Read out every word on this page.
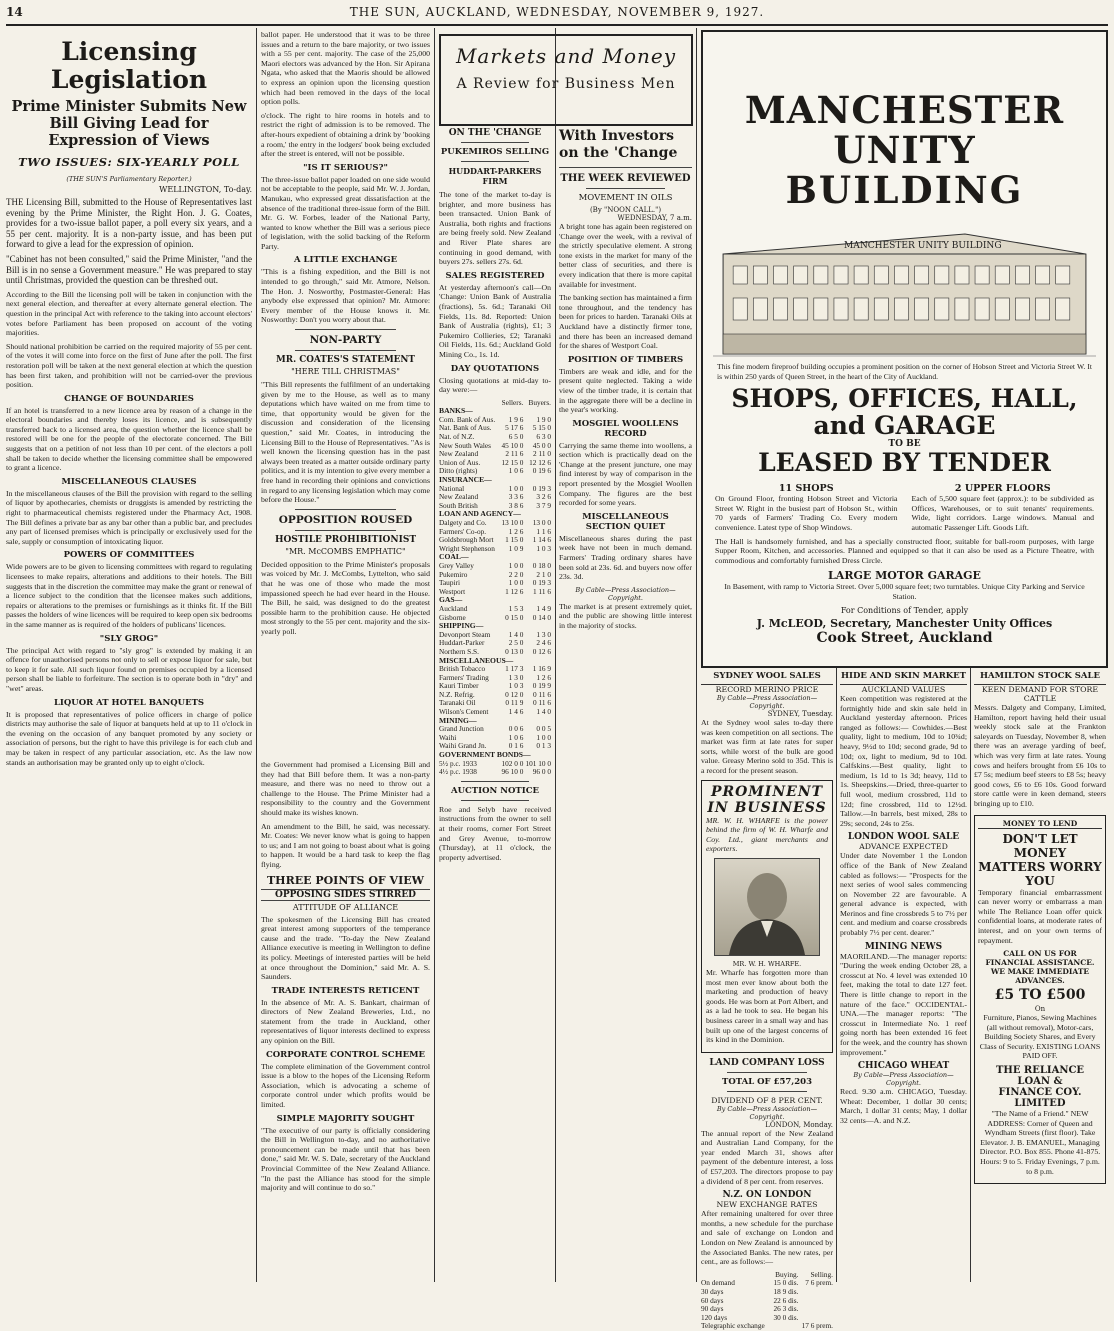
14	THE SUN, AUCKLAND, WEDNESDAY, NOVEMBER 9, 1927.
Licensing Legislation
Prime Minister Submits New Bill Giving Lead for Expression of Views
TWO ISSUES: SIX-YEARLY POLL
(THE SUN'S Parliamentary Reporter.)
WELLINGTON, To-day.

THE Licensing Bill, submitted to the House of Representatives last evening by the Prime Minister, the Right Hon. J. G. Coates, provides for a two-issue ballot paper, a poll every six years, and a 55 per cent. majority. It is a non-party issue, and has been put forward to give a lead for the expression of opinion.

"Cabinet has not been consulted," said the Prime Minister, "and the Bill is in no sense a Government measure." He was prepared to stay until Christmas, provided the question can be threshed out.

According to the Bill the licensing poll will be taken in conjunction with the next general election, and thereafter at every alternate general election. The question in the principal Act with reference to the taking into account electors' votes before Parliament has been proposed on account of the voting majorities.

Should national prohibition be carried on the required majority of 55 per cent. of the votes it will come into force on the first of June after the poll. The first restoration poll will be taken at the next general election at which the question has been first taken, and prohibition will not be carried-over the previous position.

CHANGE OF BOUNDARIES

If an hotel is transferred to a new licence area by reason of a change in the electoral boundaries and thereby loses its licence, and is subsequently transferred back to a licensed area, the question whether the licence shall be restored will be one for the people of the electorate concerned. The Bill suggests that on a petition of not less than 10 per cent. of the electors a poll shall be taken to decide whether the licensing committee shall be empowered to grant a licence.

MISCELLANEOUS CLAUSES

In the miscellaneous clauses of the Bill the provision with regard to the selling of liquor by apothecaries, chemists or druggists is amended by restricting the right to pharmaceutical chemists registered under the Pharmacy Act, 1908. The Bill defines a private bar as any bar other than a public bar, and precludes any part of licensed premises which is principally or exclusively used for the sale, supply or consumption of intoxicating liquor.

POWERS OF COMMITTEES

Wide powers are to be given to licensing committees with regard to regulating licensees to make repairs, alterations and additions to their hotels. The Bill suggests that in the discretion the committee may make the grant or renewal of a licence subject to the condition that the licensee makes such additions, repairs or alterations to the premises or furnishings as it thinks fit. If the Bill passes the holders of wine licences will be required to keep open six bedrooms in the same manner as is required of the holders of publicans' licences.

"SLY GROG"

The principal Act with regard to "sly grog" is extended by making it an offence for unauthorised persons not only to sell or expose liquor for sale, but to keep it for sale. All such liquor found on premises occupied by a licensed person shall be liable to forfeiture. The section is to operate both in "dry" and "wet" areas.

LIQUOR AT HOTEL BANQUETS

It is proposed that representatives of police officers in charge of police districts may authorise the sale of liquor at banquets held at up to 11 o'clock in the evening on the occasion of any banquet promoted by any society or association of persons, but the right to have this privilege is for each club and may be taken in respect of any particular association, etc. As the law now stands an authorisation may be granted only up to eight o'clock.

ballot paper. He understood that it was to be three issues and a return to the bare majority, or two issues with a 55 per cent. majority. The case of the 25,000 Maori electors was advanced by the Hon. Sir Apirana Ngata, who asked that the Maoris should be allowed to express an opinion upon the licensing question which had been removed in the days of the local option polls.

o'clock. The right to hire rooms in hotels and to restrict the right of admission is to be removed. The after-hours expedient of obtaining a drink by 'booking a room,' the entry in the lodgers' book being excluded after the street is entered, will not be possible.

"IS IT SERIOUS?"

The three-issue ballot paper loaded on one side would not be acceptable to the people, said Mr. W. J. Jordan, Manukau, who expressed great dissatisfaction at the absence of the traditional three-issue form of the Bill. Mr. G. W. Forbes, leader of the National Party, wanted to know whether the Bill was a serious piece of legislation, with the solid backing of the Reform Party.

A LITTLE EXCHANGE

"This is a fishing expedition, and the Bill is not intended to go through," said Mr. Atmore, Nelson. The Hon. J. Nosworthy, Postmaster-General: Has anybody else expressed that opinion? Mr. Atmore: Every member of the House knows it. Mr. Nosworthy: Don't you worry about that.

NON-PARTY
MR. COATES'S STATEMENT
"HERE TILL CHRISTMAS"

"This Bill represents the fulfilment of an undertaking given by me to the House, as well as to many deputations which have waited on me from time to time, that opportunity would be given for the discussion and consideration of the licensing question," said Mr. Coates, in introducing the Licensing Bill to the House of Representatives. "As is well known the licensing question has in the past always been treated as a matter outside ordinary party politics, and it is my intention to give every member a free hand in recording their opinions and convictions in regard to any licensing legislation which may come before the House."

OPPOSITION ROUSED
HOSTILE PROHIBITIONIST
"MR. McCOMBS EMPHATIC"

Decided opposition to the Prime Minister's proposals was voiced by Mr. J. McCombs, Lyttelton, who said that he was one of those who made the most impassioned speech he had ever heard in the House. The Bill, he said, was designed to do the greatest possible harm to the prohibition cause. He objected most strongly to the 55 per cent. majority and the six-yearly poll.

Markets and Money
A Review for Business Men
ON THE 'CHANGE
PUKEMIROS SELLING
HUDDART-PARKERS FIRM

The tone of the market to-day is brighter, and more business has been transacted. Union Bank of Australia, both rights and fractions are being freely sold. New Zealand and River Plate shares are continuing in good demand, with buyers 27s. sellers 27s. 6d.

SALES REGISTERED

At yesterday afternoon's call—On 'Change: Union Bank of Australia (fractions), 5s. 6d.; Taranaki Oil Fields, 11s. 8d. Reported: Union Bank of Australia (rights), £1; 3 Pukemiro Collieries, £2; Taranaki Oil Fields, 11s. 6d.; Auckland Gold Mining Co., 1s. 1d.

DAY QUOTATIONS

Closing quotations at mid-day to-day were:—

	Sellers.	Buyers.
BANKS—		
Com. Bank of Aus.	1 9 6	1 9 0
Nat. Bank of Aus.	5 17 6	5 15 0
Nat. of N.Z.	6 5 0	6 3 0
New South Wales	45 10 0	45 0 0
New Zealand	2 11 6	2 11 0
Union of Aus.	12 15 0	12 12 6
Ditto (rights)	1 0 6	0 19 6
INSURANCE—		
National	1 0 0	0 19 3
New Zealand	3 3 6	3 2 6
South British	3 8 6	3 7 9
LOAN AND AGENCY—		
Dalgety and Co.	13 10 0	13 0 0
Farmers' Co-op.	1 2 6	1 1 6
Goldsbrough Mort	1 15 0	1 14 6
Wright Stephenson	1 0 9	1 0 3
COAL—		
Grey Valley	1 0 0	0 18 0
Pukemiro	2 2 0	2 1 0
Taupiri	1 0 0	0 19 3
Westport	1 12 6	1 11 6
GAS—		
Auckland	1 5 3	1 4 9
Gisborne	0 15 0	0 14 0
SHIPPING—		
Devonport Steam	1 4 0	1 3 0
Huddart-Parker	2 5 0	2 4 6
Northern S.S.	0 13 0	0 12 6
MISCELLANEOUS—		
British Tobacco	1 17 3	1 16 9
Farmers' Trading	1 3 0	1 2 6
Kauri Timber	1 0 3	0 19 9
N.Z. Refrig.	0 12 0	0 11 6
Taranaki Oil	0 11 9	0 11 6
Wilson's Cement	1 4 6	1 4 0
MINING—		
Grand Junction	0 0 6	0 0 5
Waihi	1 0 6	1 0 0
Waihi Grand Jn.	0 1 6	0 1 3
GOVERNMENT BONDS—		
5½ p.c. 1933	102 0 0	101 10 0
4½ p.c. 1938	96 10 0	96 0 0
AUCTION NOTICE

Roe and Selyb have received instructions from the owner to sell at their rooms, corner Fort Street and Grey Avenue, to-morrow (Thursday), at 11 o'clock, the property advertised.

With Investors on the 'Change
THE WEEK REVIEWED
MOVEMENT IN OILS
(By "NOON CALL.")
WEDNESDAY, 7 a.m.

A bright tone has again been registered on 'Change over the week, with a revival of the strictly speculative element. A strong tone exists in the market for many of the better class of securities, and there is every indication that there is more capital available for investment.

The banking section has maintained a firm tone throughout, and the tendency has been for prices to harden. Taranaki Oils at Auckland have a distinctly firmer tone, and there has been an increased demand for the shares of Westport Coal.

POSITION OF TIMBERS

Timbers are weak and idle, and for the present quite neglected. Taking a wide view of the timber trade, it is certain that in the aggregate there will be a decline in the year's working.

MOSGIEL WOOLLENS RECORD

Carrying the same theme into woollens, a section which is practically dead on the 'Change at the present juncture, one may find interest by way of comparison in the report presented by the Mosgiel Woollen Company. The figures are the best recorded for some years.

MISCELLANEOUS SECTION QUIET

Miscellaneous shares during the past week have not been in much demand. Farmers' Trading ordinary shares have been sold at 23s. 6d. and buyers now offer 23s. 3d.

By Cable—Press Association—Copyright.

The market is at present extremely quiet, and the public are showing little interest in the majority of stocks.

MANCHESTER UNITY
BUILDING
MANCHESTER UNITY BUILDING

This fine modern fireproof building occupies a prominent position on the corner of Hobson Street and Victoria Street W. It is within 250 yards of Queen Street, in the heart of the City of Auckland.

SHOPS, OFFICES, HALL,
and GARAGE
TO BE
LEASED BY TENDER
11 SHOPS

On Ground Floor, fronting Hobson Street and Victoria Street W. Right in the busiest part of Hobson St., within 70 yards of Farmers' Trading Co. Every modern convenience. Latest type of Shop Windows.

2 UPPER FLOORS

Each of 5,500 square feet (approx.): to be subdivided as Offices, Warehouses, or to suit tenants' requirements. Wide, light corridors. Large windows. Manual and automatic Passenger Lift. Goods Lift.

The Hall is handsomely furnished, and has a specially constructed floor, suitable for ball-room purposes, with large Supper Room, Kitchen, and accessories. Planned and equipped so that it can also be used as a Picture Theatre, with commodious and comfortably furnished Dress Circle.

LARGE MOTOR GARAGE

In Basement, with ramp to Victoria Street. Over 5,000 square feet; two turntables. Unique City Parking and Service Station.

For Conditions of Tender, apply
J. McLEOD, Secretary, Manchester Unity Offices
Cook Street, Auckland
SYDNEY WOOL SALES
RECORD MERINO PRICE
By Cable—Press Association—Copyright.
SYDNEY, Tuesday.

At the Sydney wool sales to-day there was keen competition on all sections. The market was firm at late rates for super sorts, while worst of the bulk are good value. Greasy Merino sold to 35d. This is a record for the present season.

PROMINENT IN BUSINESS

MR. W. H. WHARFE is the power behind the firm of W. H. Wharfe and Coy. Ltd., giant merchants and exporters.

MR. W. H. WHARFE.

Mr. Wharfe has forgotten more than most men ever know about both the marketing and production of heavy goods. He was born at Port Albert, and as a lad he took to sea. He began his business career in a small way and has built up one of the largest concerns of its kind in the Dominion.

LAND COMPANY LOSS
TOTAL OF £57,203
DIVIDEND OF 8 PER CENT.
By Cable—Press Association—Copyright.
LONDON, Monday.

The annual report of the New Zealand and Australian Land Company, for the year ended March 31, shows after payment of the debenture interest, a loss of £57,203. The directors propose to pay a dividend of 8 per cent. from reserves.

N.Z. ON LONDON
NEW EXCHANGE RATES

After remaining unaltered for over three months, a new schedule for the purchase and sale of exchange on London and London on New Zealand is announced by the Associated Banks. The new rates, per cent., are as follows:—

	Buying.	Selling.
On demand	15 0 dis.	7 6 prem.
30 days	18 9 dis.	
60 days	22 6 dis.	
90 days	26 3 dis.	
120 days	30 0 dis.	
Telegraphic exchange		17 6 prem.
HIDE AND SKIN MARKET
AUCKLAND VALUES

Keen competition was registered at the fortnightly hide and skin sale held in Auckland yesterday afternoon. Prices ranged as follows:— Cowhides.—Best quality, light to medium, 10d to 10¾d; heavy, 9½d to 10d; second grade, 9d to 10d; ox, light to medium, 9d to 10d. Calfskins.—Best quality, light to medium, 1s 1d to 1s 3d; heavy, 11d to 1s. Sheepskins.—Dried, three-quarter to full wool, medium crossbred, 11d to 12d; fine crossbred, 11d to 12½d. Tallow.—In barrels, best mixed, 28s to 29s; second, 24s to 25s.

LONDON WOOL SALE
ADVANCE EXPECTED

Under date November 1 the London office of the Bank of New Zealand cabled as follows:— "Prospects for the next series of wool sales commencing on November 22 are favourable. A general advance is expected, with Merinos and fine crossbreds 5 to 7½ per cent. and medium and coarse crossbreds probably 7½ per cent. dearer."

MINING NEWS

MAORILAND.—The manager reports: "During the week ending October 28, a crosscut at No. 4 level was extended 10 feet, making the total to date 127 feet. There is little change to report in the nature of the face." OCCIDENTAL-UNA.—The manager reports: "The crosscut in Intermediate No. 1 reef going north has been extended 16 feet for the week, and the country has shown improvement."

CHICAGO WHEAT
By Cable—Press Association—Copyright.

Recd. 9.30 a.m. CHICAGO, Tuesday. Wheat: December, 1 dollar 30 cents; March, 1 dollar 31 cents; May, 1 dollar 32 cents—A. and N.Z.

HAMILTON STOCK SALE
KEEN DEMAND FOR STORE CATTLE

Messrs. Dalgety and Company, Limited, Hamilton, report having held their usual weekly stock sale at the Frankton saleyards on Tuesday, November 8, when there was an average yarding of beef, which was very firm at late rates. Young cows and heifers brought from £6 10s to £7 5s; medium beef steers to £8 5s; heavy good cows, £6 to £6 10s. Good forward store cattle were in keen demand, steers bringing up to £10.

MONEY TO LEND
DON'T LET MONEY
MATTERS WORRY YOU

Temporary financial embarrassment can never worry or embarrass a man while The Reliance Loan offer quick confidential loans, at moderate rates of interest, and on your own terms of repayment.

CALL ON US FOR FINANCIAL ASSISTANCE.
WE MAKE IMMEDIATE ADVANCES.
£5 TO £500
On

Furniture, Pianos, Sewing Machines (all without removal), Motor-cars, Building Society Shares, and Every Class of Security. EXISTING LOANS PAID OFF.

THE RELIANCE LOAN &
FINANCE COY. LIMITED

"The Name of a Friend." NEW ADDRESS: Corner of Queen and Wyndham Streets (first floor). Take Elevator. J. B. EMANUEL, Managing Director. P.O. Box 855. Phone 41-875. Hours: 9 to 5. Friday Evenings, 7 p.m. to 8 p.m.

the Government had promised a Licensing Bill and they had that Bill before them. It was a non-party measure, and there was no need to throw out a challenge to the House. The Prime Minister had a responsibility to the country and the Government should make its wishes known.

An amendment to the Bill, he said, was necessary. Mr. Coates: We never know what is going to happen to us; and I am not going to boast about what is going to happen. It would be a hard task to keep the flag flying.

THREE POINTS OF VIEW
OPPOSING SIDES STIRRED
ATTITUDE OF ALLIANCE

The spokesmen of the Licensing Bill has created great interest among supporters of the temperance cause and the trade. "To-day the New Zealand Alliance executive is meeting in Wellington to define its policy. Meetings of interested parties will be held at once throughout the Dominion," said Mr. A. S. Saunders.

TRADE INTERESTS RETICENT

In the absence of Mr. A. S. Bankart, chairman of directors of New Zealand Breweries, Ltd., no statement from the trade in Auckland, other representatives of liquor interests declined to express any opinion on the Bill.

CORPORATE CONTROL SCHEME

The complete elimination of the Government control issue is a blow to the hopes of the Licensing Reform Association, which is advocating a scheme of corporate control under which profits would be limited.

SIMPLE MAJORITY SOUGHT

"The executive of our party is officially considering the Bill in Wellington to-day, and no authoritative pronouncement can be made until that has been done," said Mr. W. S. Dale, secretary of the Auckland Provincial Committee of the New Zealand Alliance. "In the past the Alliance has stood for the simple majority and will continue to do so."
